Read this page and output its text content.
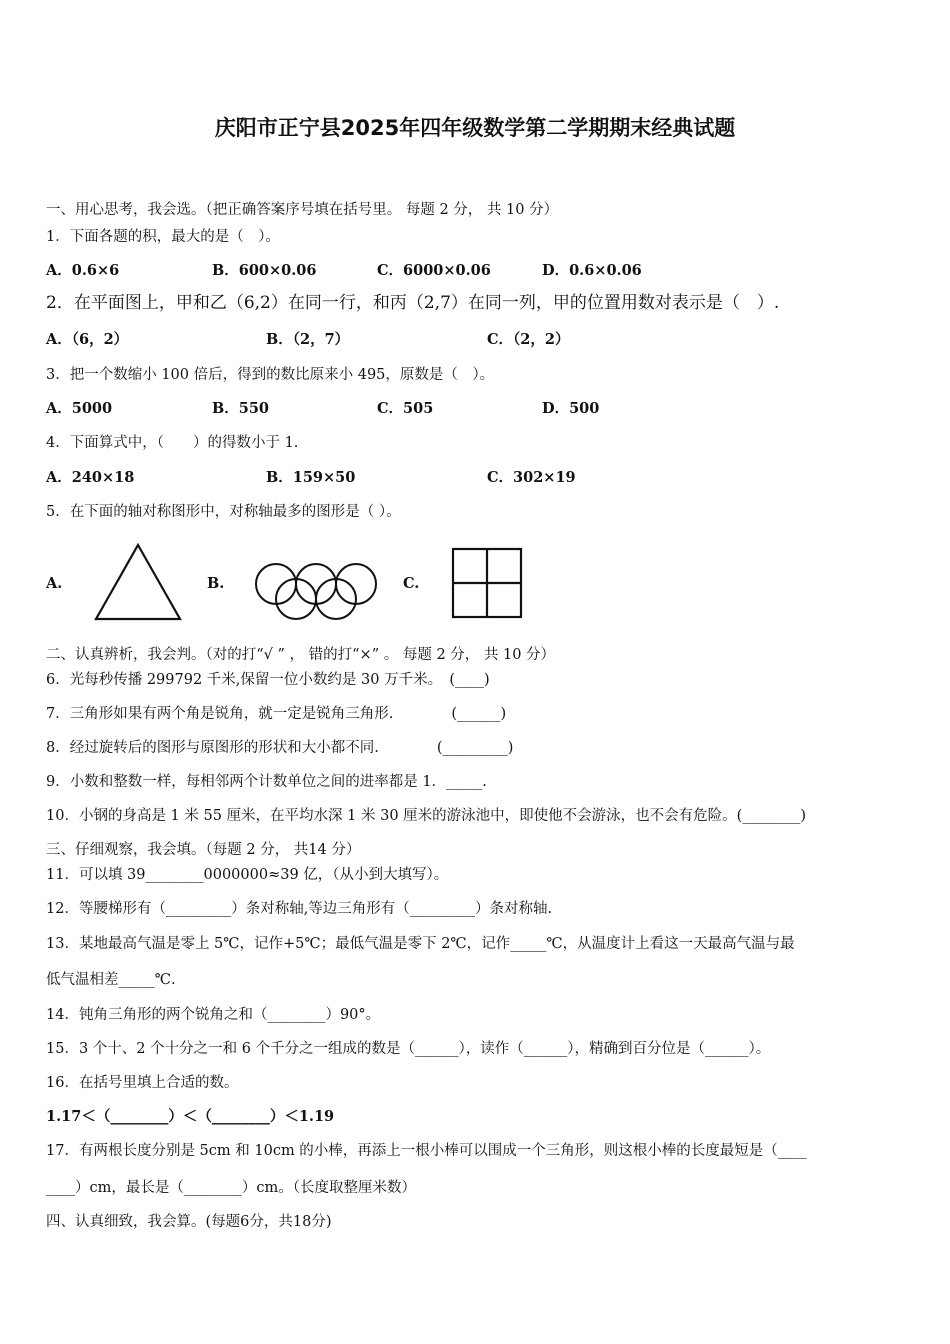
庆阳市正宁县2025年四年级数学第二学期期末经典试题
一、用心思考，我会选。（把正确答案序号填在括号里。 每题 2 分， 共 10 分）
1．下面各题的积，最大的是（　）。
A．0.6×6	B．600×0.06	C．6000×0.06	D．0.6×0.06
2．在平面图上，甲和乙（6,2）在同一行，和丙（2,7）在同一列，甲的位置用数对表示是（　）.
A．（6，2）	B．（2，7）	C．（2，2）
3．把一个数缩小 100 倍后，得到的数比原来小 495，原数是（　）。
A．5000	B．550	C．505	D．500
4．下面算式中，（　　）的得数小于 1.
A．240×18	B．159×50	C．302×19
5．在下面的轴对称图形中，对称轴最多的图形是（ ）。
A.	B.	C.
二、认真辨析，我会判。（对的打“√ ” ， 错的打“×” 。 每题 2 分， 共 10 分）
6．光每秒传播 299792 千米,保留一位小数约是 30 万千米。　(____)
7．三角形如果有两个角是锐角，就一定是锐角三角形.　　　　(______)
8．经过旋转后的图形与原图形的形状和大小都不同.　　　　(_________)
9．小数和整数一样，每相邻两个计数单位之间的进率都是 1．_____.
10．小钢的身高是 1 米 55 厘米，在平均水深 1 米 30 厘米的游泳池中，即使他不会游泳，也不会有危险。(________)
三、仔细观察，我会填。（每题 2 分， 共14 分）
11．可以填 39________0000000≈39 亿，（从小到大填写）。
12．等腰梯形有（_________）条对称轴,等边三角形有（_________）条对称轴.
13．某地最高气温是零上 5℃，记作+5℃；最低气温是零下 2℃，记作_____℃，从温度计上看这一天最高气温与最
低气温相差_____℃.
14．钝角三角形的两个锐角之和（________）90°。
15．3 个十、2 个十分之一和 6 个千分之一组成的数是（______），读作（______），精确到百分位是（______）。
16．在括号里填上合适的数。
1.17＜（________）＜（________）＜1.19
17．有两根长度分别是 5cm 和 10cm 的小棒，再添上一根小棒可以围成一个三角形，则这根小棒的长度最短是（____
____）cm，最长是（________）cm。（长度取整厘米数）
四、认真细致，我会算。(每题6分，共18分)
